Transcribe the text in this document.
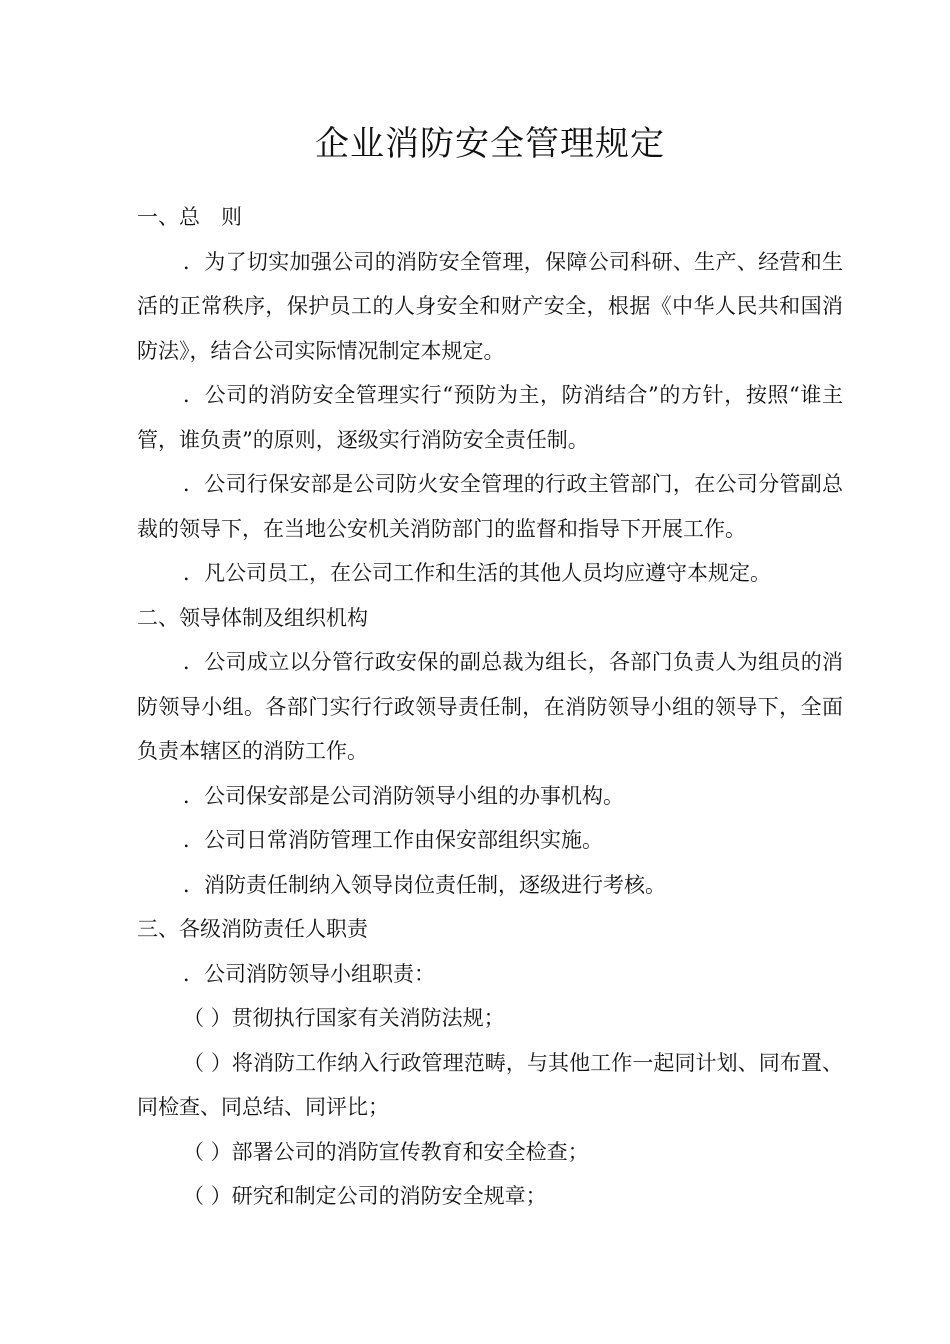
企业消防安全管理规定

一、总　则

．为了切实加强公司的消防安全管理，保障公司科研、生产、经营和生活的正常秩序，保护员工的人身安全和财产安全，根据《中华人民共和国消防法》，结合公司实际情况制定本规定。

．公司的消防安全管理实行“预防为主，防消结合”的方针，按照“谁主管，谁负责”的原则，逐级实行消防安全责任制。

．公司行保安部是公司防火安全管理的行政主管部门，在公司分管副总裁的领导下，在当地公安机关消防部门的监督和指导下开展工作。

．凡公司员工，在公司工作和生活的其他人员均应遵守本规定。

二、领导体制及组织机构

．公司成立以分管行政安保的副总裁为组长，各部门负责人为组员的消防领导小组。各部门实行行政领导责任制，在消防领导小组的领导下，全面负责本辖区的消防工作。

．公司保安部是公司消防领导小组的办事机构。

．公司日常消防管理工作由保安部组织实施。

．消防责任制纳入领导岗位责任制，逐级进行考核。

三、各级消防责任人职责

．公司消防领导小组职责：

（ ）贯彻执行国家有关消防法规；

（ ）将消防工作纳入行政管理范畴，与其他工作一起同计划、同布置、同检查、同总结、同评比；

（ ）部署公司的消防宣传教育和安全检查；

（ ）研究和制定公司的消防安全规章；
